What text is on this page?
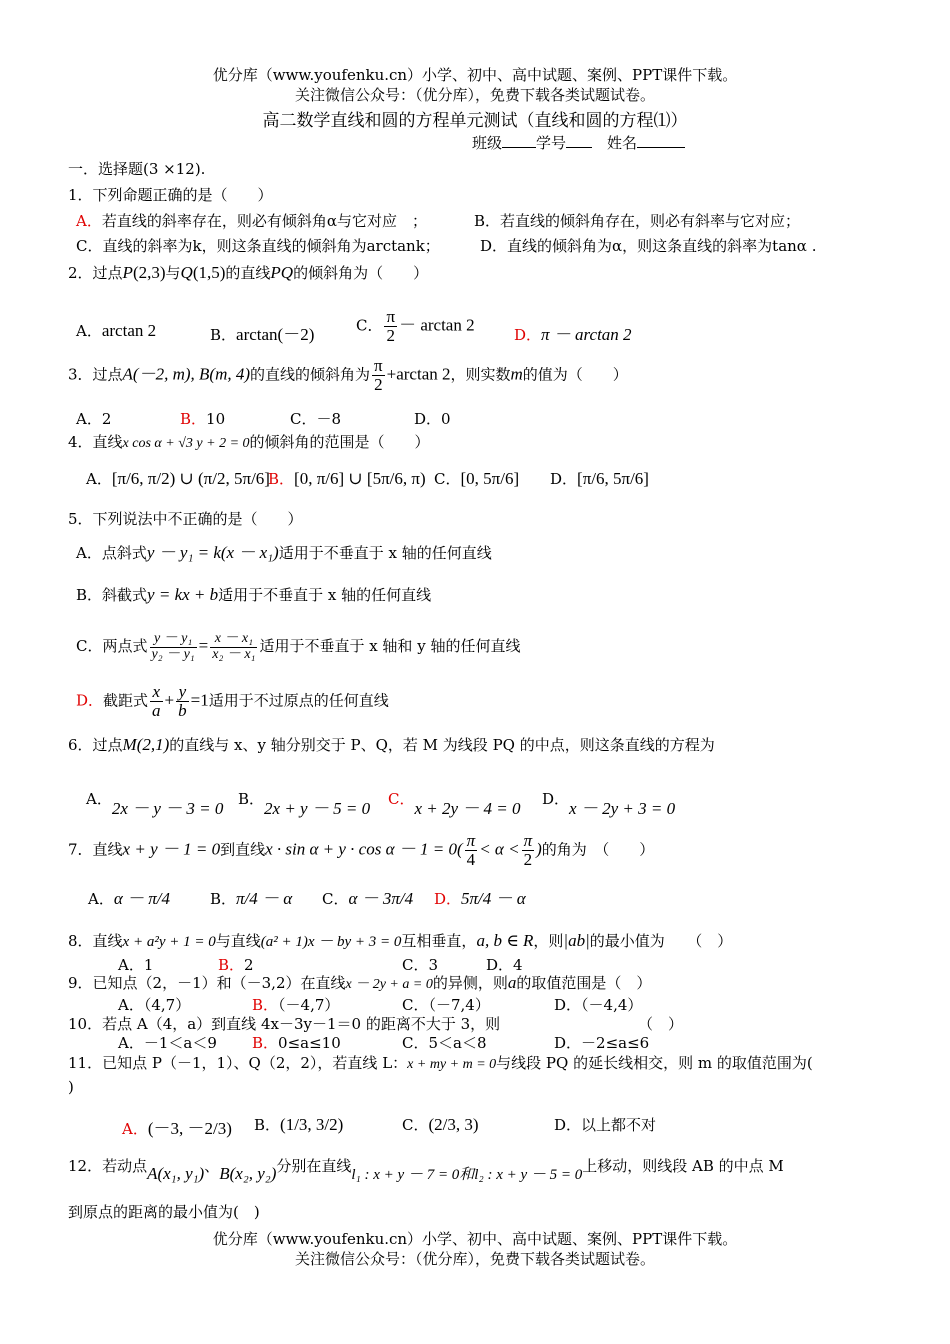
优分库（www.youfenku.cn）小学、初中、高中试题、案例、PPT课件下载。
关注微信公众号：（优分库），免费下载各类试题试卷。
高二数学直线和圆的方程单元测试（直线和圆的方程⑴）
班级 学号　	姓名
一．选择题(3 ×12).
1．下列命题正确的是（　　）
A．若直线的斜率存在，则必有倾斜角α与它对应　；	B．若直线的倾斜角存在，则必有斜率与它对应；
C．直线的斜率为k，则这条直线的倾斜角为arctank；	D．直线的倾斜角为α，则这条直线的斜率为tanα .
2．过点P(2,3)与Q(1,5)的直线PQ的倾斜角为（　　）
A．arctan 2	B．arctan(－2)	C． $\frac{\pi}{2} - \arctan 2$
D．π － arctan 2
3．过点A(－2, m), B(m, 4)的直线的倾斜角为 $\frac{\pi}{2} +\arctan$ 2，则实数m的值为（　　）
A．2	B．10	C．－8	D．0
4．直线x cos α + √3 y + 2 = 0的倾斜角的范围是（　　）
A．[π/6, π/2) ∪ (π/2, 5π/6]
B．[0, π/6] ∪ [5π/6, π) C．[0, 5π/6] D．[π/6, 5π/6]
5．下列说法中不正确的是（　　）
A．点斜式y － y₁ = k(x － x₁)适用于不垂直于 x 轴的任何直线
B．斜截式y = kx + b适用于不垂直于 x 轴的任何直线
C．两点式 $\frac{\text{y － y₁}}{\text{y₂ － y₁}} = \frac{\text{x － x₁}}{\text{x₂ － x₁}}$ 适用于不垂直于 x 轴和 y 轴的任何直线
D．截距式 $\frac{x}{a} + \frac{y}{b} =1$适用于不过原点的任何直线
6．过点M(2,1)的直线与 x、y 轴分别交于 P、Q，若 M 为线段 PQ 的中点，则这条直线的方程为
A．2x － y － 3 = 0 B．2x + y － 5 = 0 C．x + 2y － 4 = 0 D．x － 2y + 3 = 0
7．直线x + y － 1 = 0到直线$x \cdot \sin \alpha + y \cdot \cos \alpha - 1 = 0( \frac{\pi}{4} < \alpha < \frac{\pi}{2}$ )的角为　（　　）
A．α － π/4	B．π/4 － α C．α － 3π/4 D．5π/4 － α
8．直线x + a²y + 1 = 0与直线(a² + 1)x － by + 3 = 0互相垂直，a, b ∈ R，则|ab|的最小值为　　（　）
A．1	B．2	C．3	D．4
9．已知点（2，－1）和（－3,2）在直线x － 2y + a = 0的异侧，则a的取值范围是（　）
A．（4,7）	B．（－4,7）	C．（－7,4）	D．（－4,4）
10．若点 A（4，a）到直线 4x－3y－1＝0 的距离不大于 3，则	（　）
A．－1＜a＜9 B．0≤a≤10	C．5＜a＜8	D．－2≤a≤6
11．已知点 P（－1，1）、Q（2，2），若直线 L：x + my + m = 0与线段 PQ 的延长线相交，则 m 的取值范围为(
)
A．(－3, －2/3) B．(1/3, 3/2)	C．(2/3, 3)	D．以上都不对
12．若动点A(x₁, y₁)、B(x₂, y₂)分别在直线l₁ : x + y － 7 = 0和l₂ : x + y － 5 = 0上移动，则线段 AB 的中点 M
到原点的距离的最小值为(　)
优分库（www.youfenku.cn）小学、初中、高中试题、案例、PPT课件下载。
关注微信公众号：（优分库），免费下载各类试题试卷。
